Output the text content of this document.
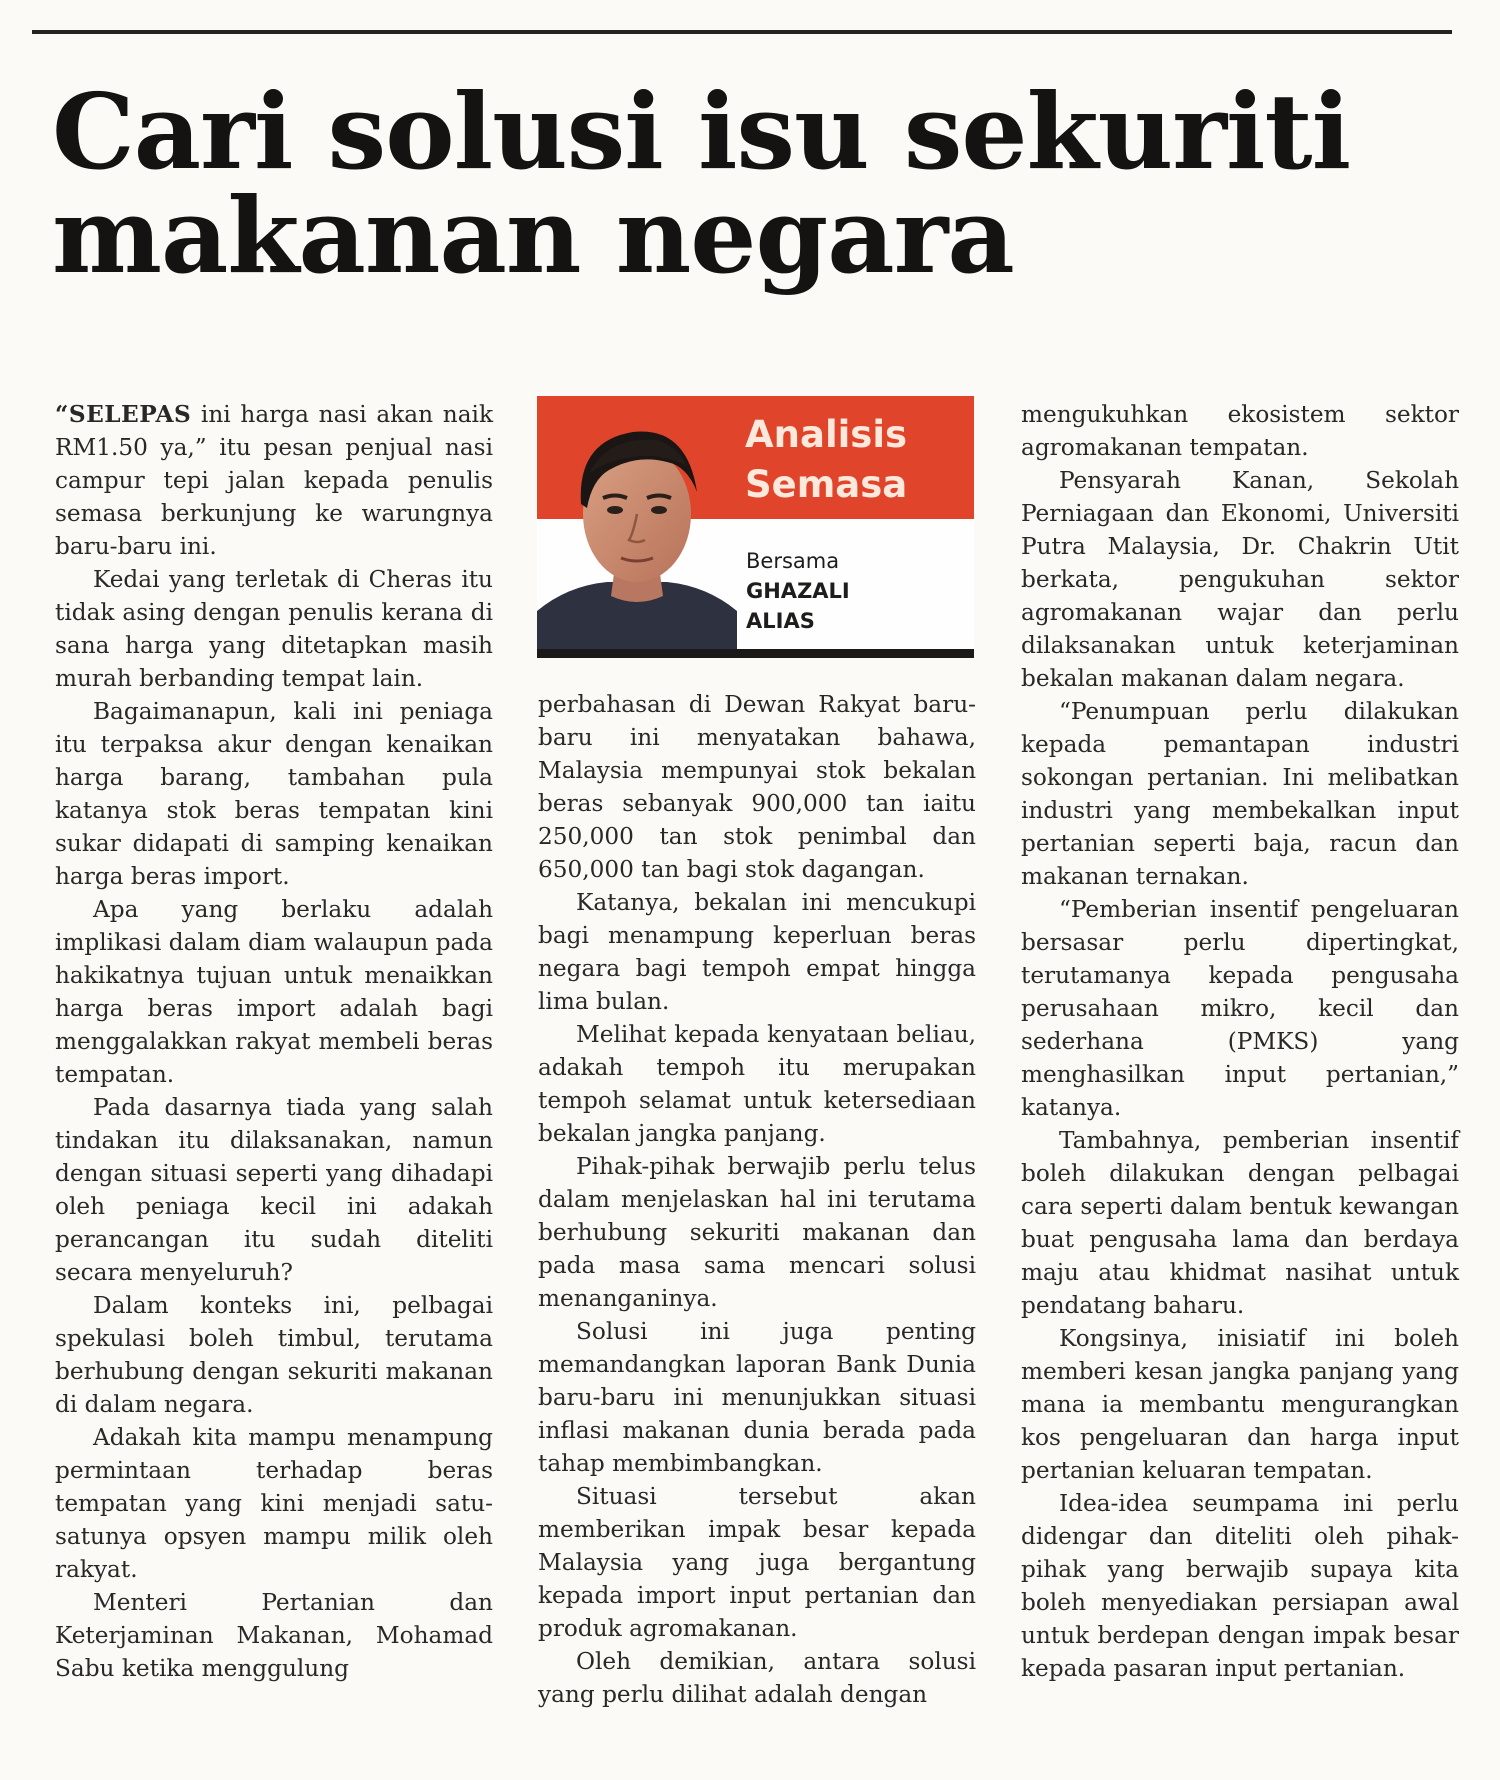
Cari solusi isu sekuriti makanan negara
Analisis Semasa
Bersama
GHAZALI ALIAS

“SELEPAS ini harga nasi akan naik RM1.50 ya,” itu pesan penjual nasi campur tepi jalan kepada penulis semasa berkunjung ke warungnya baru-baru ini.

Kedai yang terletak di Cheras itu tidak asing dengan penulis kerana di sana harga yang ditetapkan masih murah berbanding tempat lain.

Bagaimanapun, kali ini peniaga itu terpaksa akur dengan kenaikan harga barang, tambahan pula katanya stok beras tempatan kini sukar didapati di samping kenaikan harga beras import.

Apa yang berlaku adalah implikasi dalam diam walaupun pada hakikatnya tujuan untuk menaikkan harga beras import adalah bagi menggalakkan rakyat membeli beras tempatan.

Pada dasarnya tiada yang salah tindakan itu dilaksanakan, namun dengan situasi seperti yang dihadapi oleh peniaga kecil ini adakah perancangan itu sudah diteliti secara menyeluruh?

Dalam konteks ini, pelbagai spekulasi boleh timbul, terutama berhubung dengan sekuriti makanan di dalam negara.

Adakah kita mampu menampung permintaan terhadap beras tempatan yang kini menjadi satu-satunya opsyen mampu milik oleh rakyat.

Menteri Pertanian dan Keterjaminan Makanan, Mohamad Sabu ketika menggulung

perbahasan di Dewan Rakyat baru-baru ini menyatakan bahawa, Malaysia mempunyai stok bekalan beras sebanyak 900,000 tan iaitu 250,000 tan stok penimbal dan 650,000 tan bagi stok dagangan.

Katanya, bekalan ini mencukupi bagi menampung keperluan beras negara bagi tempoh empat hingga lima bulan.

Melihat kepada kenyataan beliau, adakah tempoh itu merupakan tempoh selamat untuk ketersediaan bekalan jangka panjang.

Pihak-pihak berwajib perlu telus dalam menjelaskan hal ini terutama berhubung sekuriti makanan dan pada masa sama mencari solusi menanganinya.

Solusi ini juga penting memandangkan laporan Bank Dunia baru-baru ini menunjukkan situasi inflasi makanan dunia berada pada tahap membimbangkan.

Situasi tersebut akan memberikan impak besar kepada Malaysia yang juga bergantung kepada import input pertanian dan produk agromakanan.

Oleh demikian, antara solusi yang perlu dilihat adalah dengan

mengukuhkan ekosistem sektor agromakanan tempatan.

Pensyarah Kanan, Sekolah Perniagaan dan Ekonomi, Universiti Putra Malaysia, Dr. Chakrin Utit berkata, pengukuhan sektor agromakanan wajar dan perlu dilaksanakan untuk keterjaminan bekalan makanan dalam negara.

“Penumpuan perlu dilakukan kepada pemantapan industri sokongan pertanian. Ini melibatkan industri yang membekalkan input pertanian seperti baja, racun dan makanan ternakan.

“Pemberian insentif pengeluaran bersasar perlu dipertingkat, terutamanya kepada pengusaha perusahaan mikro, kecil dan sederhana (PMKS) yang menghasilkan input pertanian,” katanya.

Tambahnya, pemberian insentif boleh dilakukan dengan pelbagai cara seperti dalam bentuk kewangan buat pengusaha lama dan berdaya maju atau khidmat nasihat untuk pendatang baharu.

Kongsinya, inisiatif ini boleh memberi kesan jangka panjang yang mana ia membantu mengurangkan kos pengeluaran dan harga input pertanian keluaran tempatan.

Idea-idea seumpama ini perlu didengar dan diteliti oleh pihak-pihak yang berwajib supaya kita boleh menyediakan persiapan awal untuk berdepan dengan impak besar kepada pasaran input pertanian.
